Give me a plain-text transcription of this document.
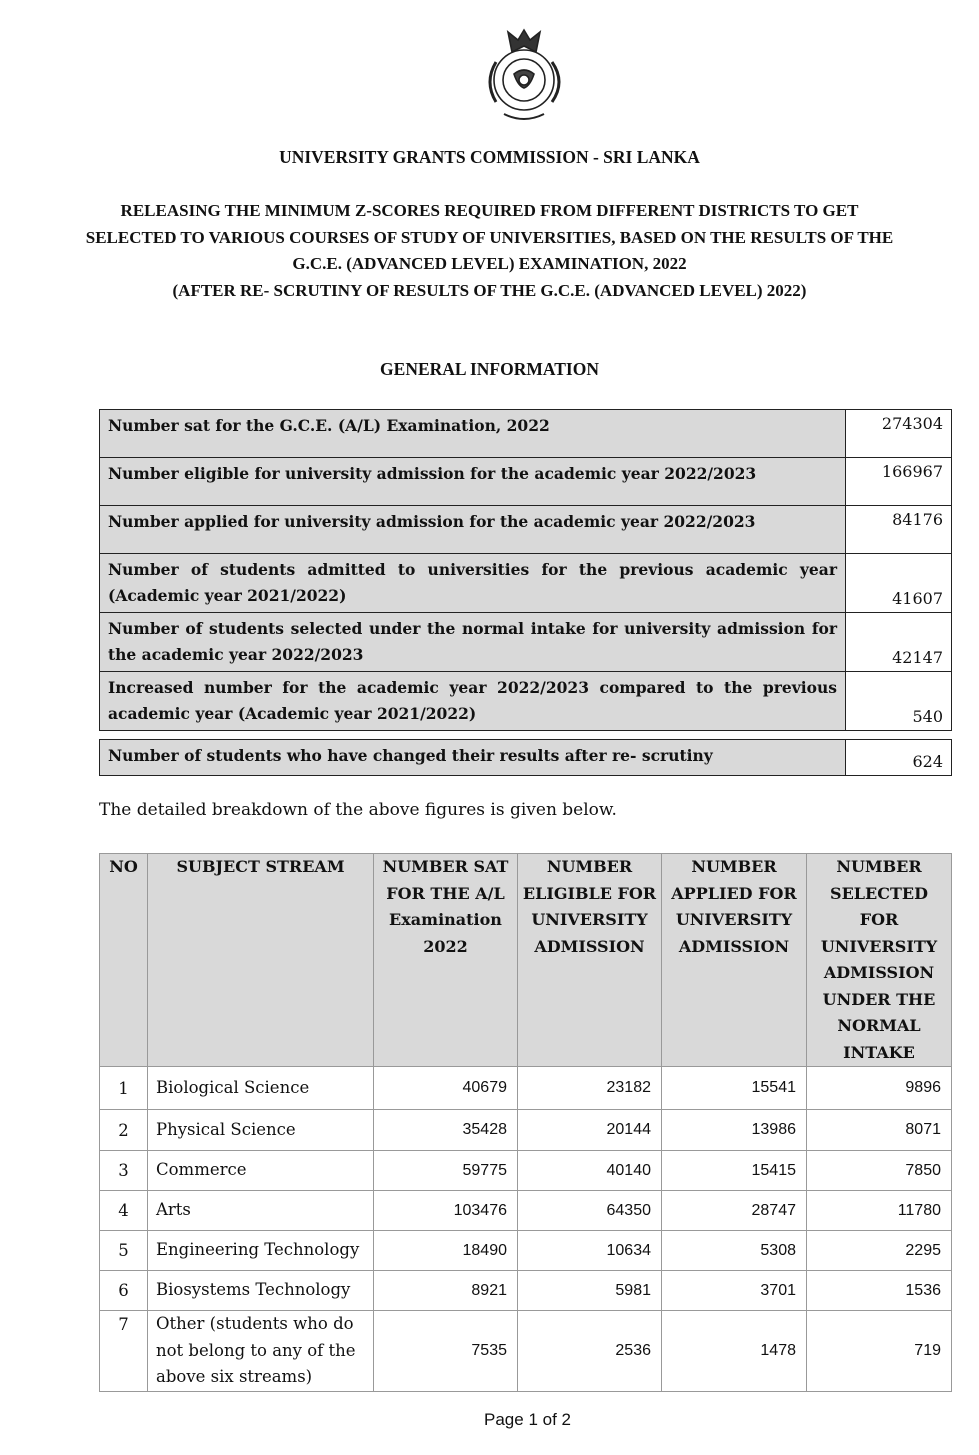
UNIVERSITY GRANTS COMMISSION - SRI LANKA
RELEASING THE MINIMUM Z-SCORES REQUIRED FROM DIFFERENT DISTRICTS TO GET
SELECTED TO VARIOUS COURSES OF STUDY OF UNIVERSITIES, BASED ON THE RESULTS OF THE
G.C.E. (ADVANCED LEVEL) EXAMINATION, 2022
(AFTER RE- SCRUTINY OF RESULTS OF THE G.C.E. (ADVANCED LEVEL) 2022)
GENERAL INFORMATION
Number sat for the G.C.E. (A/L) Examination, 2022	274304
Number eligible for university admission for the academic year 2022/2023	166967
Number applied for university admission for the academic year 2022/2023	84176
Number of students admitted to universities for the previous academic year (Academic year 2021/2022)	41607
Number of students selected under the normal intake for university admission for the academic year 2022/2023	42147
Increased number for the academic year 2022/2023 compared to the previous academic year (Academic year 2021/2022)	540
Number of students who have changed their results after re- scrutiny	624
The detailed breakdown of the above figures is given below.
NO	SUBJECT STREAM	NUMBER SAT FOR THE A/L Examination 2022	NUMBER ELIGIBLE FOR UNIVERSITY ADMISSION	NUMBER APPLIED FOR UNIVERSITY ADMISSION	NUMBER SELECTED FOR UNIVERSITY ADMISSION UNDER THE NORMAL INTAKE
1	Biological Science	40679	23182	15541	9896
2	Physical Science	35428	20144	13986	8071
3	Commerce	59775	40140	15415	7850
4	Arts	103476	64350	28747	11780
5	Engineering Technology	18490	10634	5308	2295
6	Biosystems Technology	8921	5981	3701	1536
7	Other (students who do not belong to any of the above six streams)	7535	2536	1478	719
Page 1 of 2
